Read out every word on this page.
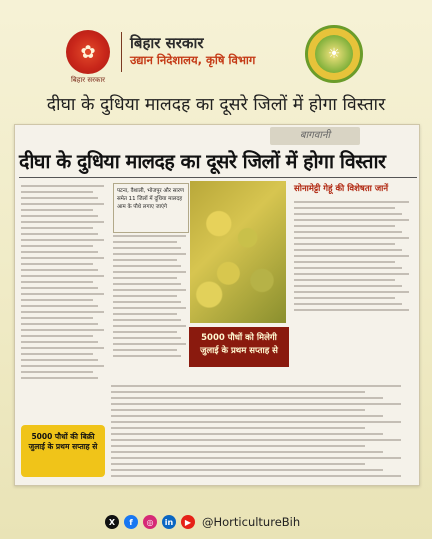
✿
बिहार सरकार
बिहार सरकार
उद्यान निदेशालय, कृषि विभाग	☀
दीघा के दुधिया मालदह का दूसरे जिलों में होगा विस्तार
बागवानी
दीघा के दुधिया मालदह का दूसरे जिलों में होगा विस्तार
पटना, वैशाली, भोजपुर और सारण समेत 11 जिलों में दूधिया मालदह आम के पौधे लगाए जाएंगे
5000 पौधों को मिलेगी जुलाई के प्रथम सप्ताह से
सोनामेट्टी गेहूं की विशेषता जानें
5000 पौधों की बिक्री जुलाई के प्रथम सप्ताह से
X	f	◎	in	▶ @HorticultureBih
